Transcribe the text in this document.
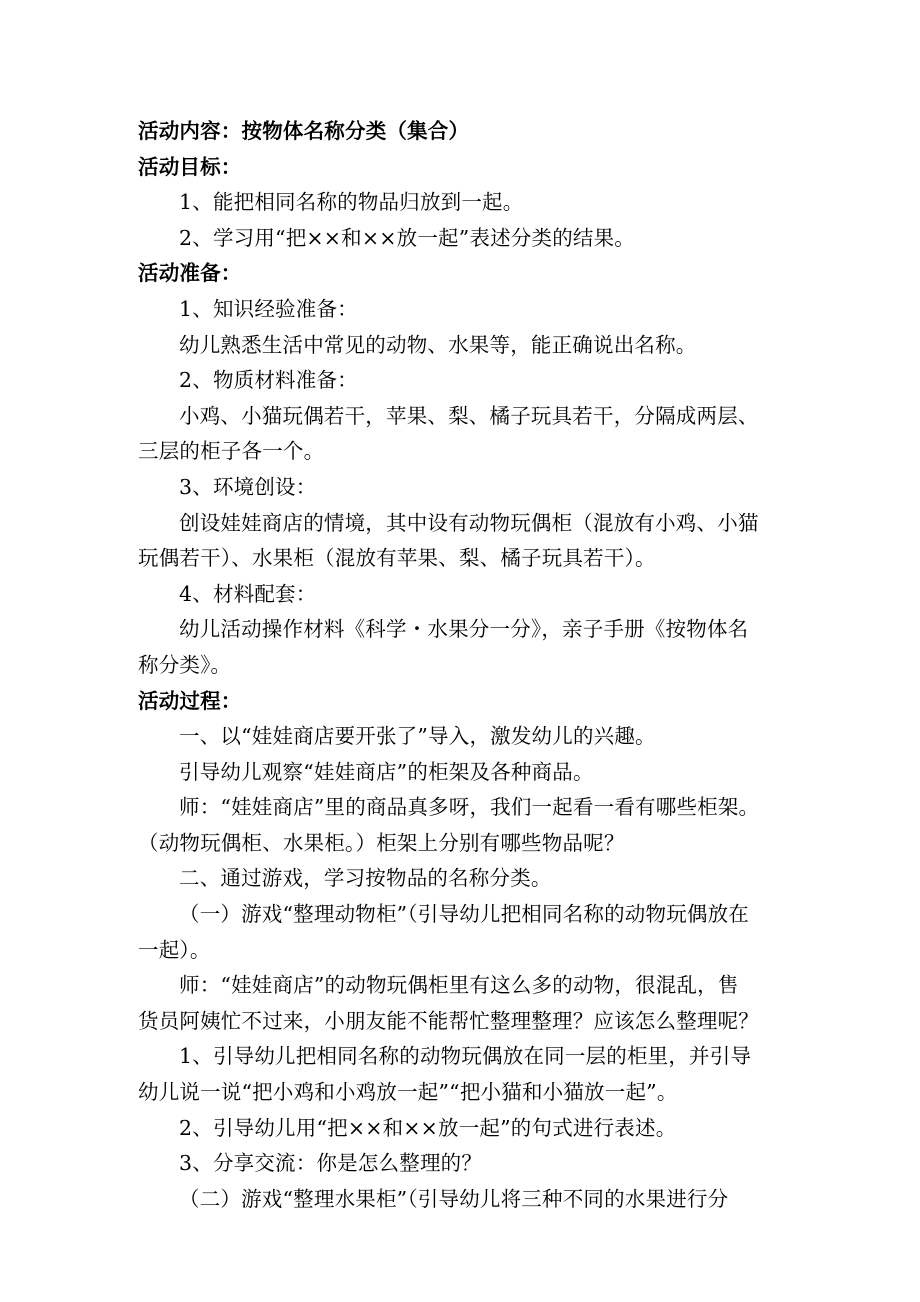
活动内容：按物体名称分类（集合）
活动目标：
1、能把相同名称的物品归放到一起。
2、学习用“把××和××放一起”表述分类的结果。
活动准备：
1、知识经验准备：
幼儿熟悉生活中常见的动物、水果等，能正确说出名称。
2、物质材料准备：
小鸡、小猫玩偶若干，苹果、梨、橘子玩具若干，分隔成两层、
三层的柜子各一个。
3、环境创设：
创设娃娃商店的情境，其中设有动物玩偶柜（混放有小鸡、小猫
玩偶若干）、水果柜（混放有苹果、梨、橘子玩具若干）。
4、材料配套：
幼儿活动操作材料《科学・水果分一分》，亲子手册《按物体名
称分类》。
活动过程：
一、以“娃娃商店要开张了”导入，激发幼儿的兴趣。
引导幼儿观察“娃娃商店”的柜架及各种商品。
师：“娃娃商店”里的商品真多呀，我们一起看一看有哪些柜架。
（动物玩偶柜、水果柜。）柜架上分别有哪些物品呢？
二、通过游戏，学习按物品的名称分类。
（一）游戏“整理动物柜”（引导幼儿把相同名称的动物玩偶放在
一起）。
师：“娃娃商店”的动物玩偶柜里有这么多的动物，很混乱，售
货员阿姨忙不过来，小朋友能不能帮忙整理整理？应该怎么整理呢？
1、引导幼儿把相同名称的动物玩偶放在同一层的柜里，并引导
幼儿说一说“把小鸡和小鸡放一起”“把小猫和小猫放一起”。
2、引导幼儿用“把××和××放一起”的句式进行表述。
3、分享交流：你是怎么整理的？
（二）游戏“整理水果柜”（引导幼儿将三种不同的水果进行分
